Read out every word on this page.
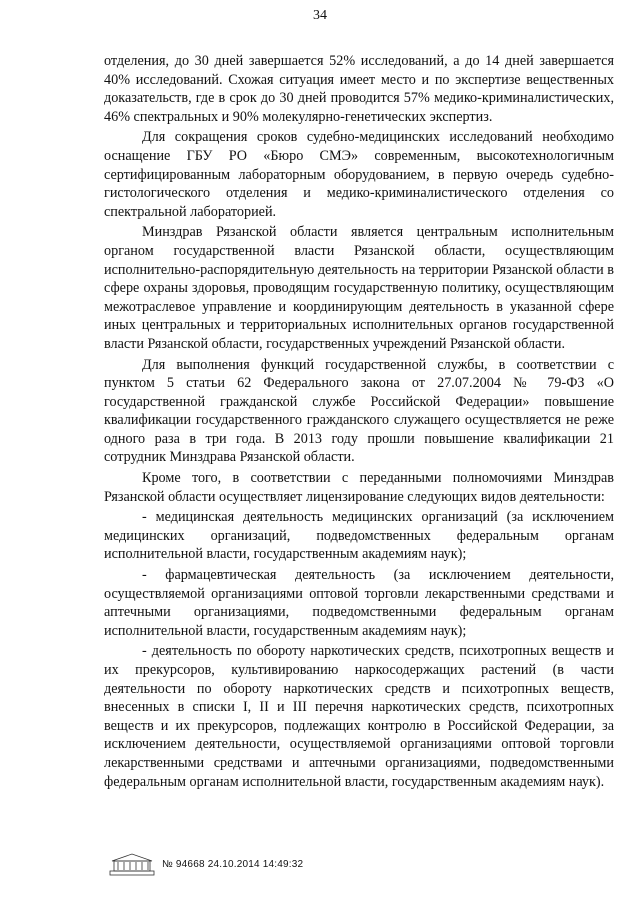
34

отделения, до 30 дней завершается 52% исследований, а до 14 дней завершается 40% исследований. Схожая ситуация имеет место и по экспертизе вещественных доказательств, где в срок до 30 дней проводится 57% медико-криминалистических, 46% спектральных и 90% молекулярно-генетических экспертиз.

Для сокращения сроков судебно-медицинских исследований необходимо оснащение ГБУ РО «Бюро СМЭ» современным, высокотехнологичным сертифицированным лабораторным оборудованием, в первую очередь судебно-гистологического отделения и медико-криминалистического отделения со спектральной лабораторией.

Минздрав Рязанской области является центральным исполнительным органом государственной власти Рязанской области, осуществляющим исполнительно-распорядительную деятельность на территории Рязанской области в сфере охраны здоровья, проводящим государственную политику, осуществляющим межотраслевое управление и координирующим деятельность в указанной сфере иных центральных и территориальных исполнительных органов государственной власти Рязанской области, государственных учреждений Рязанской области.

Для выполнения функций государственной службы, в соответствии с пунктом 5 статьи 62 Федерального закона от 27.07.2004 № 79-ФЗ «О государственной гражданской службе Российской Федерации» повышение квалификации государственного гражданского служащего осуществляется не реже одного раза в три года. В 2013 году прошли повышение квалификации 21 сотрудник Минздрава Рязанской области.

Кроме того, в соответствии с переданными полномочиями Минздрав Рязанской области осуществляет лицензирование следующих видов деятельности:

- медицинская деятельность медицинских организаций (за исключением медицинских организаций, подведомственных федеральным органам исполнительной власти, государственным академиям наук);

- фармацевтическая деятельность (за исключением деятельности, осуществляемой организациями оптовой торговли лекарственными средствами и аптечными организациями, подведомственными федеральным органам исполнительной власти, государственным академиям наук);

- деятельность по обороту наркотических средств, психотропных веществ и их прекурсоров, культивированию наркосодержащих растений (в части деятельности по обороту наркотических средств и психотропных веществ, внесенных в списки I, II и III перечня наркотических средств, психотропных веществ и их прекурсоров, подлежащих контролю в Российской Федерации, за исключением деятельности, осуществляемой организациями оптовой торговли лекарственными средствами и аптечными организациями, подведомственными федеральным органам исполнительной власти, государственным академиям наук).

№ 94668 24.10.2014 14:49:32
